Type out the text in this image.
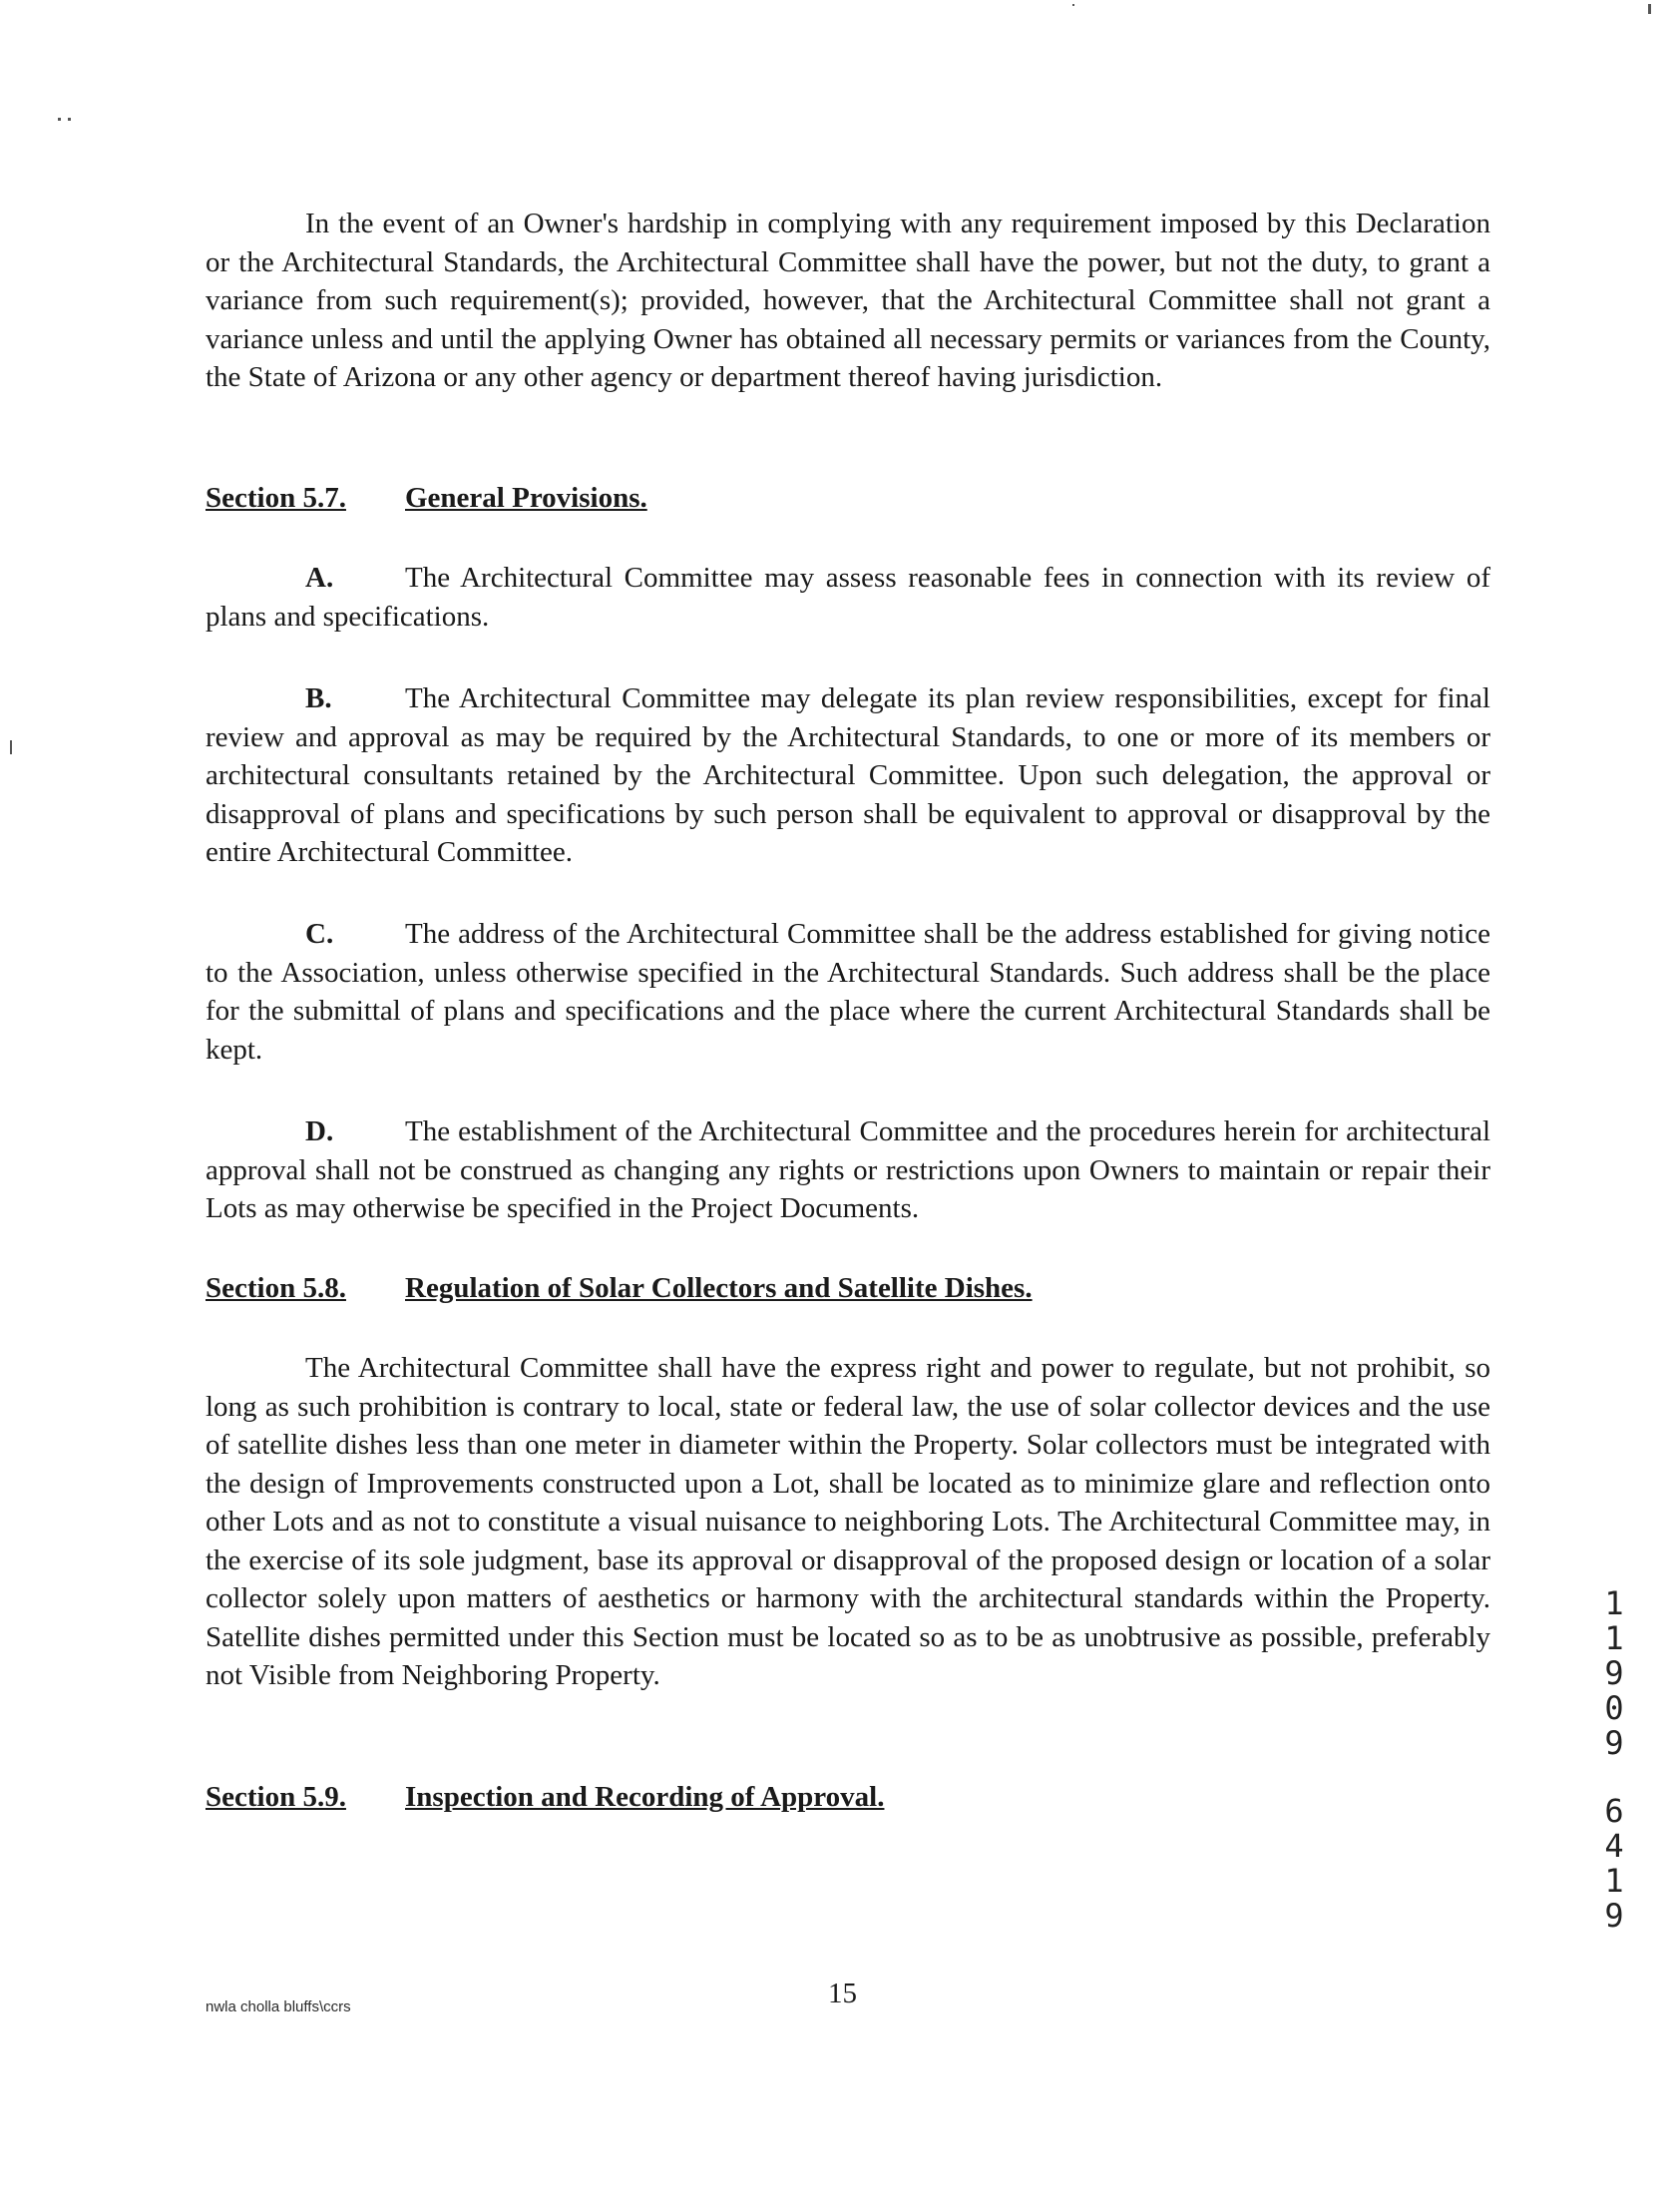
In the event of an Owner's hardship in complying with any requirement imposed by this Declaration or the Architectural Standards, the Architectural Committee shall have the power, but not the duty, to grant a variance from such requirement(s); provided, however, that the Architectural Committee shall not grant a variance unless and until the applying Owner has obtained all necessary permits or variances from the County, the State of Arizona or any other agency or department thereof having jurisdiction.

Section 5.7. General Provisions.

A. The Architectural Committee may assess reasonable fees in connection with its review of plans and specifications.

B.	The Architectural Committee may delegate its plan review responsibilities, except for final review and approval as may be required by the Architectural Standards, to one or more of its members or architectural consultants retained by the Architectural Committee. Upon such delegation, the approval or disapproval of plans and specifications by such person shall be equivalent to approval or disapproval by the entire Architectural Committee.

C. The address of the Architectural Committee shall be the address established for giving notice to the Association, unless otherwise specified in the Architectural Standards. Such address shall be the place for the submittal of plans and specifications and the place where the current Architectural Standards shall be kept.

D. The establishment of the Architectural Committee and the procedures herein for architectural approval shall not be construed as changing any rights or restrictions upon Owners to maintain or repair their Lots as may otherwise be specified in the Project Documents.

Section 5.8. Regulation of Solar Collectors and Satellite Dishes.

The Architectural Committee shall have the express right and power to regulate, but not prohibit, so long as such prohibition is contrary to local, state or federal law, the use of solar collector devices and the use of satellite dishes less than one meter in diameter within the Property. Solar collectors must be integrated with the design of Improvements constructed upon a Lot, shall be located as to minimize glare and reflection onto other Lots and as not to constitute a visual nuisance to neighboring Lots. The Architectural Committee may, in the exercise of its sole judgment, base its approval or disapproval of the proposed design or location of a solar collector solely upon matters of aesthetics or harmony with the architectural standards within the Property. Satellite dishes permitted under this Section must be located so as to be as unobtrusive as possible, preferably not Visible from Neighboring Property.

Section 5.9. Inspection and Recording of Approval.
1
1
9
0
9
6
4
1
9
nwla cholla bluffs\ccrs	15
